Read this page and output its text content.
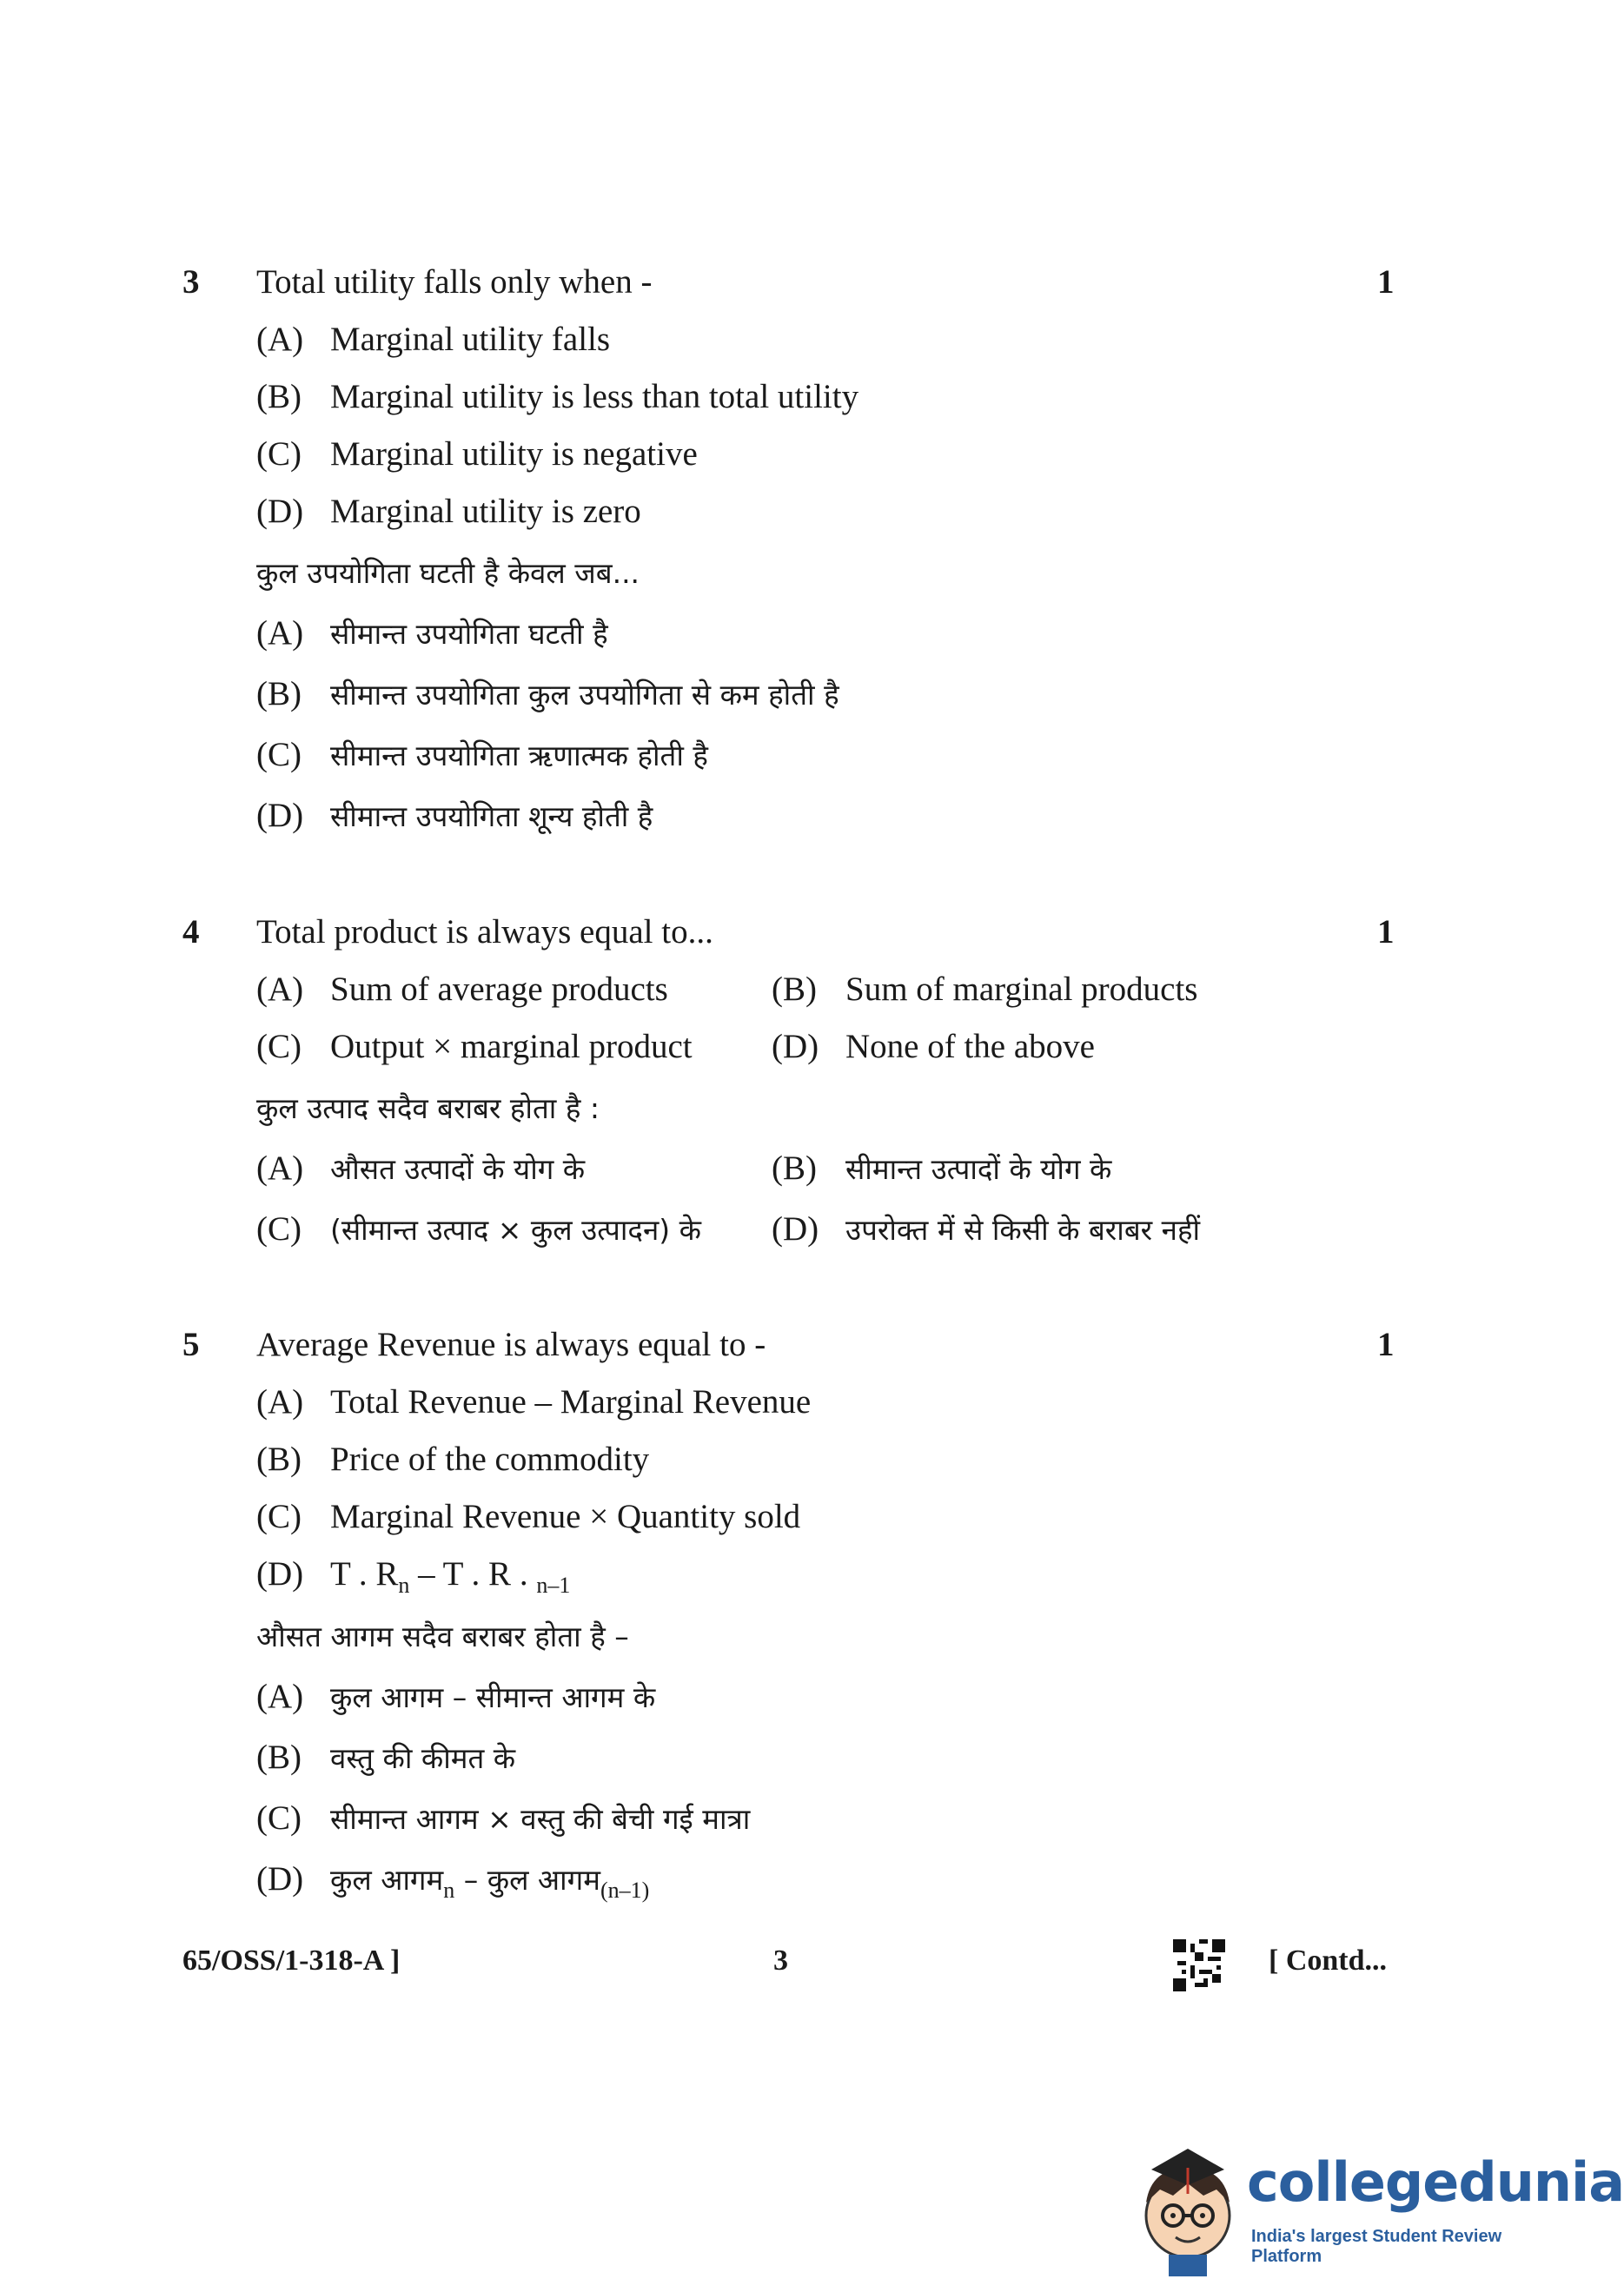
3 Total utility falls only when -	1
(A) Marginal utility falls
(B) Marginal utility is less than total utility
(C) Marginal utility is negative
(D) Marginal utility is zero
कुल उपयोगिता घटती है केवल जब...
(A) सीमान्त उपयोगिता घटती है
(B) सीमान्त उपयोगिता कुल उपयोगिता से कम होती है
(C) सीमान्त उपयोगिता ऋणात्मक होती है
(D) सीमान्त उपयोगिता शून्य होती है
4 Total product is always equal to...	1
(A) Sum of average products	(B) Sum of marginal products
(C) Output × marginal product (D) None of the above
कुल उत्पाद सदैव बराबर होता है :
(A) औसत उत्पादों के योग के	(B) सीमान्त उत्पादों के योग के
(C) (सीमान्त उत्पाद × कुल उत्पादन) के (D) उपरोक्त में से किसी के बराबर नहीं
5 Average Revenue is always equal to -	1
(A) Total Revenue – Marginal Revenue
(B) Price of the commodity
(C) Marginal Revenue × Quantity sold
(D) T . $R_n$ – T . R . $_{n-1}$
औसत आगम सदैव बराबर होता है –
(A) कुल आगम – सीमान्त आगम के
(B) वस्तु की कीमत के
(C) सीमान्त आगम × वस्तु की बेची गई मात्रा
(D) कुल आगम$_n$ – कुल आगम$_{(n-1)}$
65/OSS/1-318-A ]	3	[ Contd...
collegedunia
India's largest Student Review Platform
